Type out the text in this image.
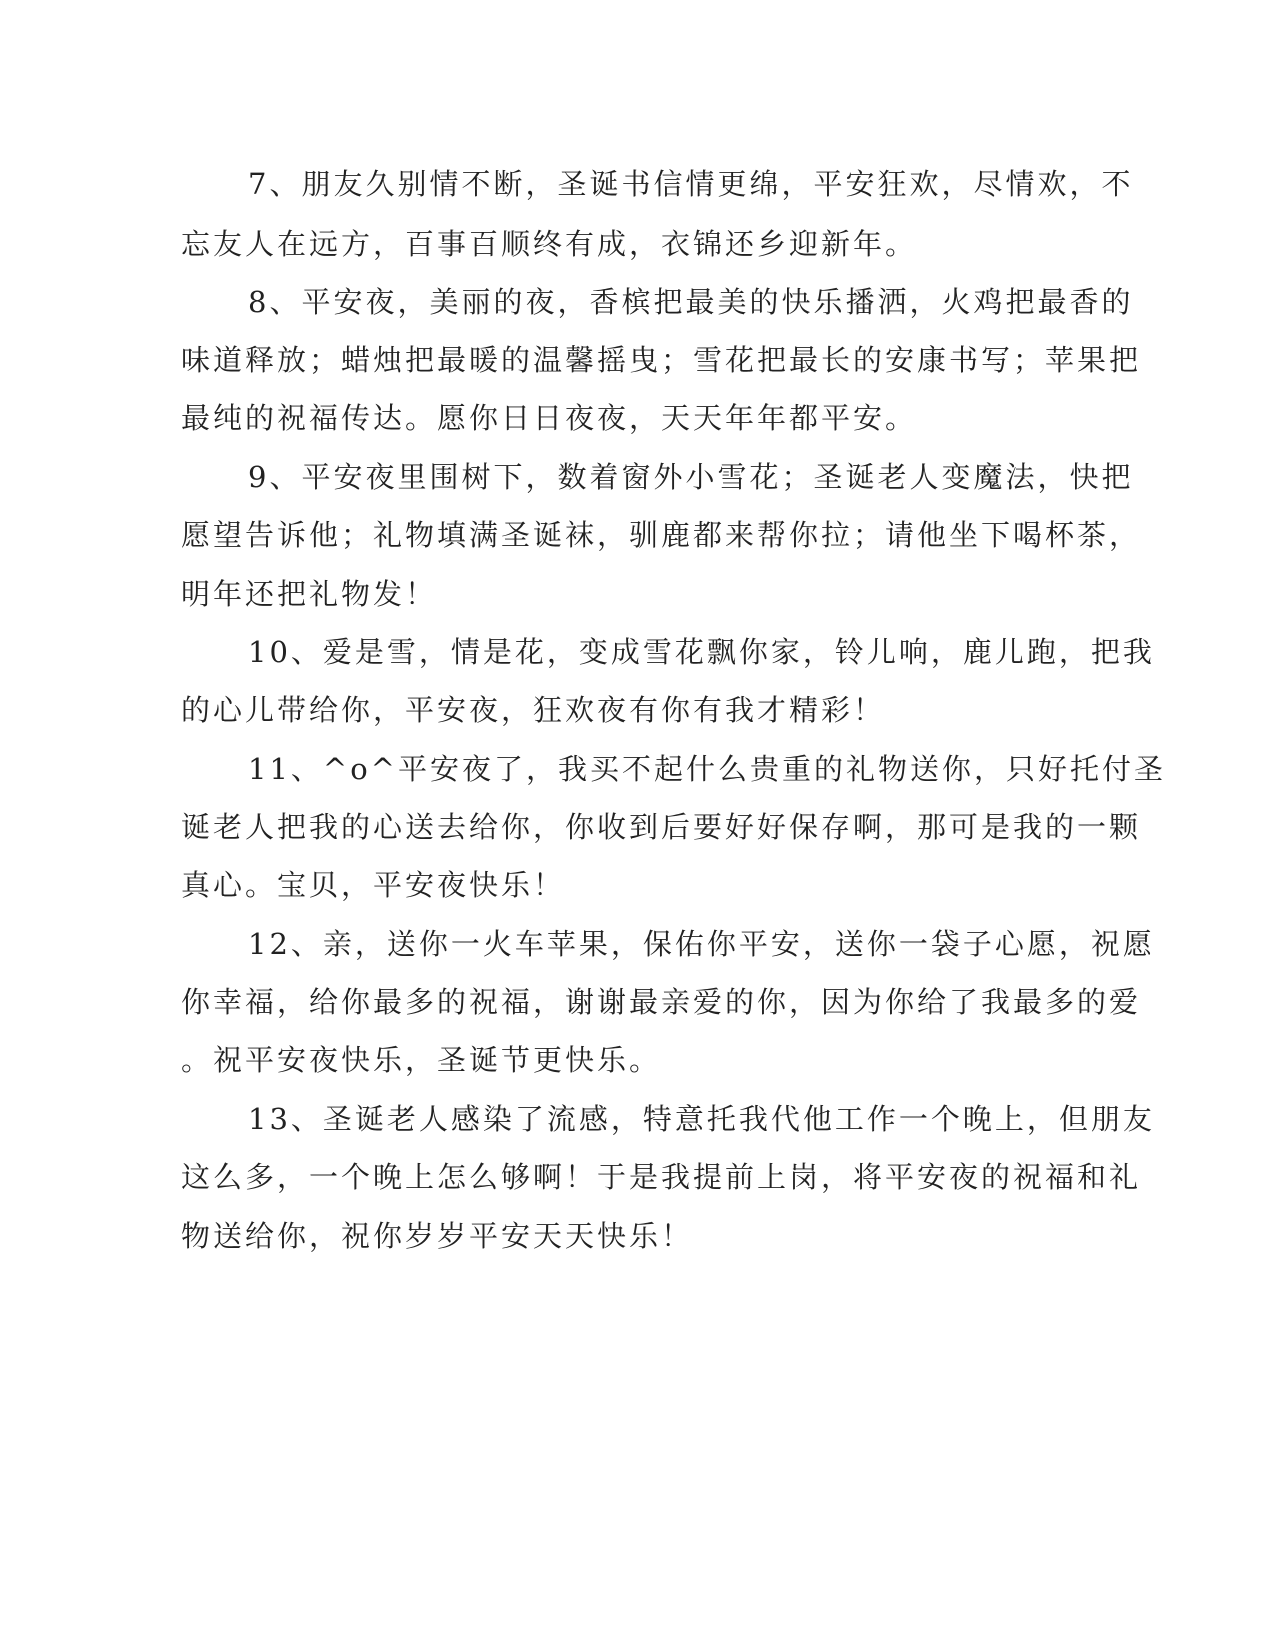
7、朋友久别情不断，圣诞书信情更绵，平安狂欢，尽情欢，不
忘友人在远方，百事百顺终有成，衣锦还乡迎新年。
8、平安夜，美丽的夜，香槟把最美的快乐播洒，火鸡把最香的
味道释放；蜡烛把最暖的温馨摇曳；雪花把最长的安康书写；苹果把
最纯的祝福传达。愿你日日夜夜，天天年年都平安。
9、平安夜里围树下，数着窗外小雪花；圣诞老人变魔法，快把
愿望告诉他；礼物填满圣诞袜，驯鹿都来帮你拉；请他坐下喝杯茶，
明年还把礼物发！
10、爱是雪，情是花，变成雪花飘你家，铃儿响，鹿儿跑，把我
的心儿带给你，平安夜，狂欢夜有你有我才精彩！
11、^o^平安夜了，我买不起什么贵重的礼物送你，只好托付圣
诞老人把我的心送去给你，你收到后要好好保存啊，那可是我的一颗
真心。宝贝，平安夜快乐！
12、亲，送你一火车苹果，保佑你平安，送你一袋子心愿，祝愿
你幸福，给你最多的祝福，谢谢最亲爱的你，因为你给了我最多的爱
。祝平安夜快乐，圣诞节更快乐。
13、圣诞老人感染了流感，特意托我代他工作一个晚上，但朋友
这么多，一个晚上怎么够啊！于是我提前上岗，将平安夜的祝福和礼
物送给你，祝你岁岁平安天天快乐！
